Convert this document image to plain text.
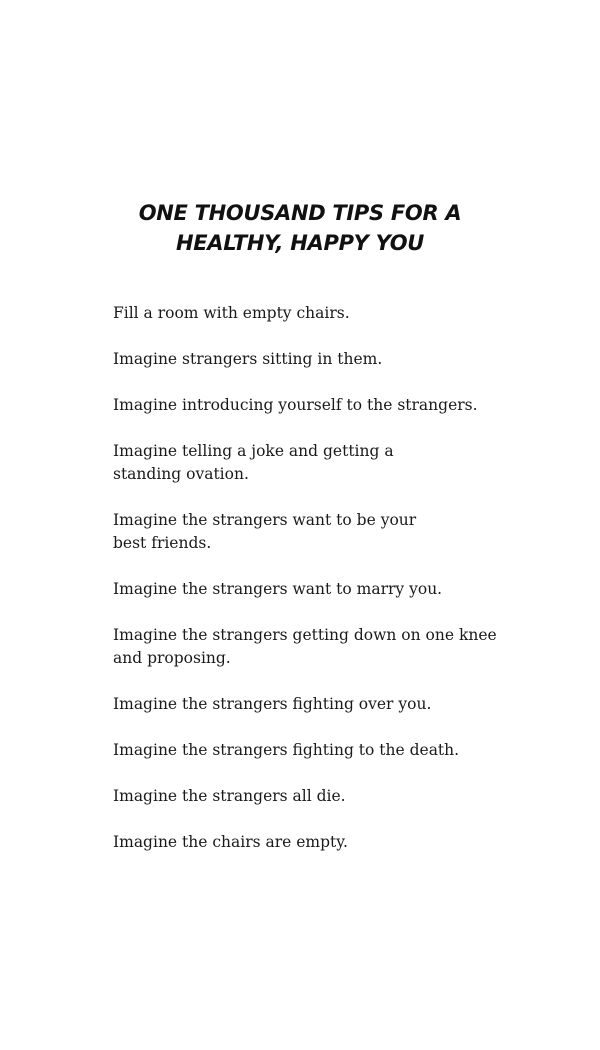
ONE THOUSAND TIPS FOR A
HEALTHY, HAPPY YOU

Fill a room with empty chairs.

Imagine strangers sitting in them.

Imagine introducing yourself to the strangers.

Imagine telling a joke and getting a
standing ovation.

Imagine the strangers want to be your
best friends.

Imagine the strangers want to marry you.

Imagine the strangers getting down on one knee
and proposing.

Imagine the strangers fighting over you.

Imagine the strangers fighting to the death.

Imagine the strangers all die.

Imagine the chairs are empty.
